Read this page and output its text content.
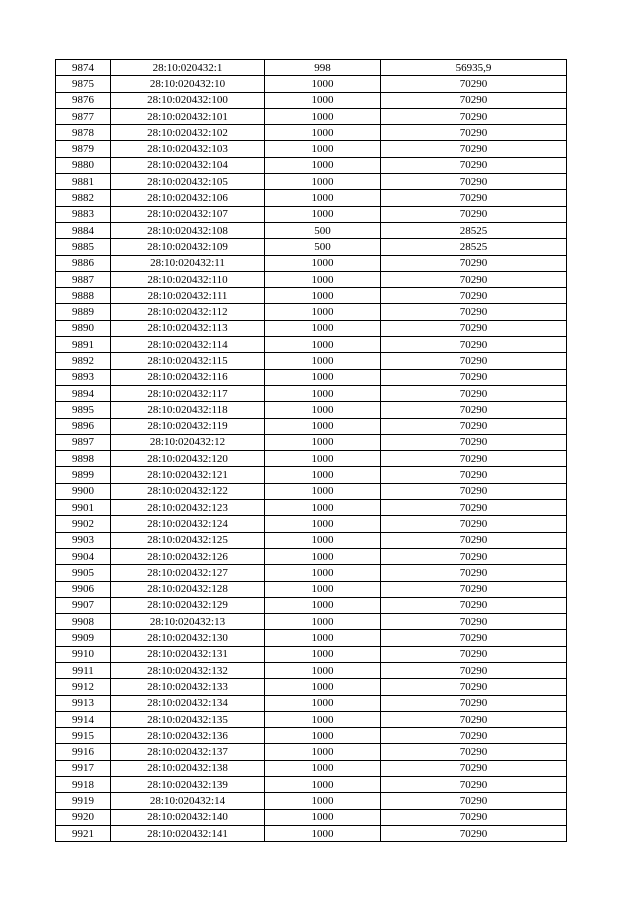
9874	28:10:020432:1	998	56935,9
9875	28:10:020432:10	1000	70290
9876	28:10:020432:100	1000	70290
9877	28:10:020432:101	1000	70290
9878	28:10:020432:102	1000	70290
9879	28:10:020432:103	1000	70290
9880	28:10:020432:104	1000	70290
9881	28:10:020432:105	1000	70290
9882	28:10:020432:106	1000	70290
9883	28:10:020432:107	1000	70290
9884	28:10:020432:108	500	28525
9885	28:10:020432:109	500	28525
9886	28:10:020432:11	1000	70290
9887	28:10:020432:110	1000	70290
9888	28:10:020432:111	1000	70290
9889	28:10:020432:112	1000	70290
9890	28:10:020432:113	1000	70290
9891	28:10:020432:114	1000	70290
9892	28:10:020432:115	1000	70290
9893	28:10:020432:116	1000	70290
9894	28:10:020432:117	1000	70290
9895	28:10:020432:118	1000	70290
9896	28:10:020432:119	1000	70290
9897	28:10:020432:12	1000	70290
9898	28:10:020432:120	1000	70290
9899	28:10:020432:121	1000	70290
9900	28:10:020432:122	1000	70290
9901	28:10:020432:123	1000	70290
9902	28:10:020432:124	1000	70290
9903	28:10:020432:125	1000	70290
9904	28:10:020432:126	1000	70290
9905	28:10:020432:127	1000	70290
9906	28:10:020432:128	1000	70290
9907	28:10:020432:129	1000	70290
9908	28:10:020432:13	1000	70290
9909	28:10:020432:130	1000	70290
9910	28:10:020432:131	1000	70290
9911	28:10:020432:132	1000	70290
9912	28:10:020432:133	1000	70290
9913	28:10:020432:134	1000	70290
9914	28:10:020432:135	1000	70290
9915	28:10:020432:136	1000	70290
9916	28:10:020432:137	1000	70290
9917	28:10:020432:138	1000	70290
9918	28:10:020432:139	1000	70290
9919	28:10:020432:14	1000	70290
9920	28:10:020432:140	1000	70290
9921	28:10:020432:141	1000	70290
